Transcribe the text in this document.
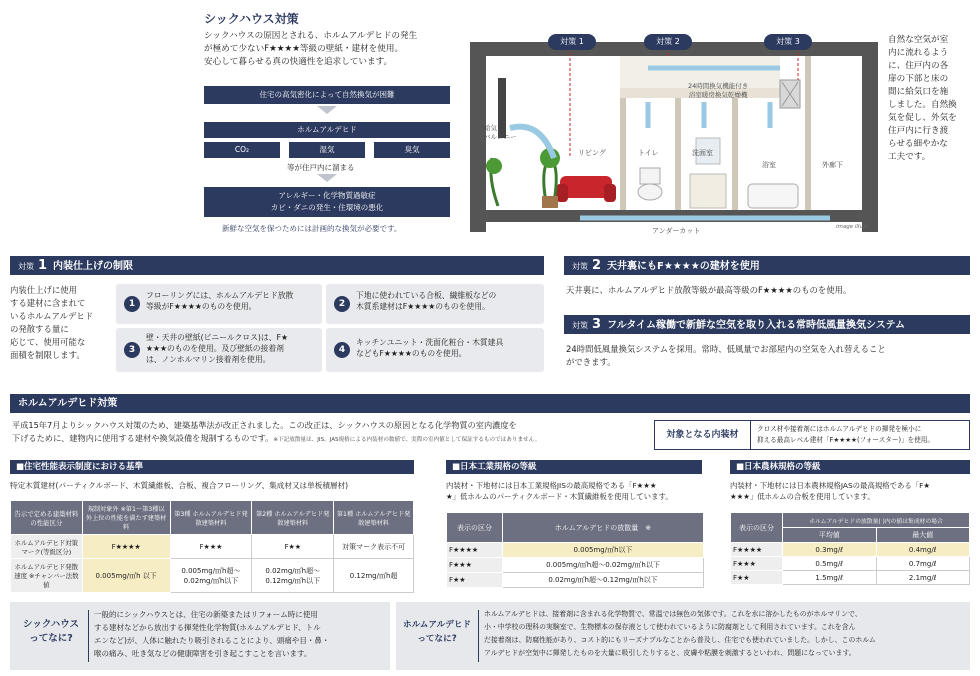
シックハウス対策
シックハウスの原因とされる、ホルムアルデヒドの発生
が極めて少ないF★★★★等級の壁紙・建材を使用。
安心して暮らせる真の快適性を追求しています。
住宅の高気密化によって自然換気が困難
ホルムアルデヒド
CO₂	湿気	臭気
等が住戸内に溜まる
アレルギー・化学物質過敏症
カビ・ダニの発生・住環境の悪化
新鮮な空気を保つためには計画的な換気が必要です。
対策 1	対策 2	対策 3
24時間換気機能付き
浴室暖房換気乾燥機
給気口
バルコニー
リビング	トイレ	洗面室
浴室	外廊下
アンダーカット	image illust
自然な空気が室
内に流れるよう
に、住戸内の各
扉の下部と床の
間に給気口を施
しました。自然換
気を促し、外気を
住戸内に行き渡
らせる細やかな
工夫です。
対策 1 内装仕上げの制限
内装仕上げに使用
する建材に含まれて
いるホルムアルデヒド
の発散する量に
応じて、使用可能な
面積を制限します。
1
フローリングには、ホルムアルデヒド放散
等級がF★★★★のものを使用。	2
下地に使われている合板、繊維板などの
木質系建材はF★★★★のものを使用。
3
壁・天井の壁紙(ビニールクロス)は、F★
★★★のものを使用。及び壁紙の接着剤
は、ノンホルマリン接着剤を使用。
4
キッチンユニット・洗面化粧台・木質建具
などもF★★★★のものを使用。
対策 2 天井裏にもF★★★★の建材を使用
天井裏に、ホルムアルデヒド放散等級が最高等級のF★★★★のものを使用。
対策 3 フルタイム稼働で新鮮な空気を取り入れる常時低風量換気システム
24時間低風量換気システムを採用。常時、低風量でお部屋内の空気を入れ替えること
ができます。
ホルムアルデヒド対策
平成15年7月よりシックハウス対策のため、建築基準法が改正されました。この改正は、シックハウスの原因となる化学物質の室内濃度を
下げるために、建物内に使用する建材や換気設備を規制するものです。※下記放散量は、JIS、JAS規格による内装材の数値で、実際の室内値として保証するものではありません。	対象となる内装材
クロス材や接着剤にはホルムアルデヒドの揮発を極小に
抑える最高レベル建材「F★★★★(フォースター)」を使用。
■住宅性能表示制度における基準
特定木質建材(パーティクルボード、木質繊維板、合板、複合フローリング、集成材又は単板積層材)
告示で定める建築材料の性能区分	規制対象外 ※第1〜第3種以外上位の性能を満たす建築材料	第3種 ホルムアルデヒド発散建築材料	第2種 ホルムアルデヒド発散建築材料	第1種 ホルムアルデヒド発散建築材料
ホルムアルデヒド対策マーク(等級区分)	F★★★★	F★★★	F★★	対策マーク表示不可
ホルムアルデヒド発散速度 ※チャンバー法数値	0.005mg/㎡h 以下	0.005mg/㎡h超〜0.02mg/㎡h以下	0.02mg/㎡h超〜0.12mg/㎡h以下	0.12mg/㎡h超
■日本工業規格の等級
内装材・下地材には日本工業規格JISの最高規格である「F★★★
★」低ホルムのパーティクルボード・木質繊維板を使用しています。
表示の区分	ホルムアルデヒドの放散量　※
F★★★★	0.005mg/㎡h以下
F★★★	0.005mg/㎡h超〜0.02mg/㎡h以下
F★★	0.02mg/㎡h超〜0.12mg/㎡h以下
■日本農林規格の等級
内装材・下地材には日本農林規格JASの最高規格である「F★
★★★」低ホルムの合板を使用しています。
表示の区分	ホルムアルデヒドの放散量( )内の値は集成材の場合	
	平均値	最大値
F★★★★	0.3mg/ℓ	0.4mg/ℓ
F★★★	0.5mg/ℓ	0.7mg/ℓ
F★★	1.5mg/ℓ	2.1mg/ℓ
シックハウス
ってなに?
一般的にシックハウスとは、住宅の新築またはリフォーム時に使用
する建材などから放出する揮発性化学物質(ホルムアルデヒド、トル
エンなど)が、人体に触れたり吸引されることにより、頭痛や目・鼻・
喉の痛み、吐き気などの健康障害を引き起こすことを言います。
ホルムアルデヒド
ってなに?
ホルムアルデヒドは、接着剤に含まれる化学物質で、常温では無色の気体です。これを水に溶かしたものがホルマリンで、
小・中学校の理科の実験室で、生物標本の保存液として使われているように防腐剤として利用されています。これを含ん
だ接着剤は、防腐性能があり、コスト的にもリーズナブルなことから普及し、住宅でも使われていました。しかし、このホルム
アルデヒドが空気中に揮発したものを大量に吸引したりすると、皮膚や粘膜を刺激するといわれ、問題になっています。
